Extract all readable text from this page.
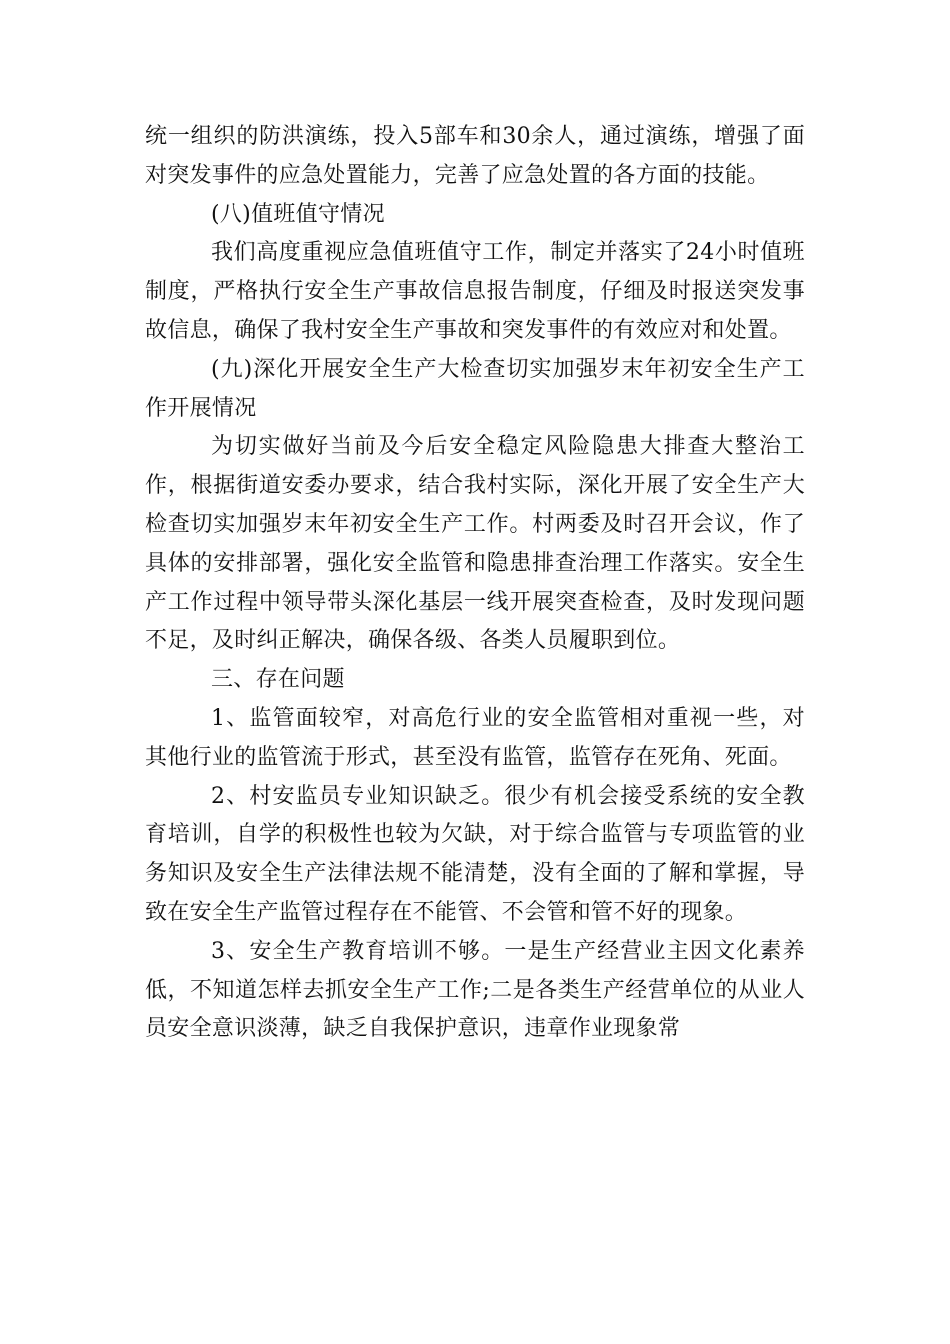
统一组织的防洪演练，投入5部车和30余人，通过演练，增强了面对突发事件的应急处置能力，完善了应急处置的各方面的技能。

(八)值班值守情况

我们高度重视应急值班值守工作，制定并落实了24小时值班制度，严格执行安全生产事故信息报告制度，仔细及时报送突发事故信息，确保了我村安全生产事故和突发事件的有效应对和处置。

(九)深化开展安全生产大检查切实加强岁末年初安全生产工作开展情况

为切实做好当前及今后安全稳定风险隐患大排查大整治工作，根据街道安委办要求，结合我村实际，深化开展了安全生产大检查切实加强岁末年初安全生产工作。村两委及时召开会议，作了具体的安排部署，强化安全监管和隐患排查治理工作落实。安全生产工作过程中领导带头深化基层一线开展突查检查，及时发现问题不足，及时纠正解决，确保各级、各类人员履职到位。

三、存在问题

1、监管面较窄，对高危行业的安全监管相对重视一些，对其他行业的监管流于形式，甚至没有监管，监管存在死角、死面。

2、村安监员专业知识缺乏。很少有机会接受系统的安全教育培训，自学的积极性也较为欠缺，对于综合监管与专项监管的业务知识及安全生产法律法规不能清楚，没有全面的了解和掌握，导致在安全生产监管过程存在不能管、不会管和管不好的现象。

3、安全生产教育培训不够。一是生产经营业主因文化素养低，不知道怎样去抓安全生产工作;二是各类生产经营单位的从业人员安全意识淡薄，缺乏自我保护意识，违章作业现象常
